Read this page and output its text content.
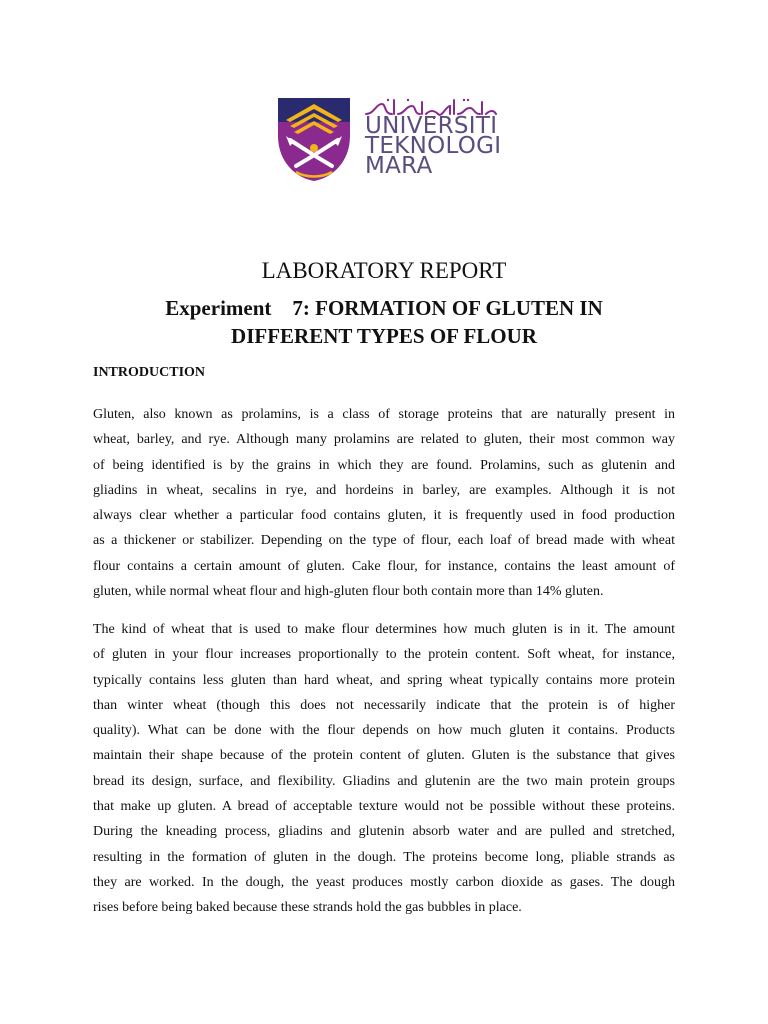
UNIVERSITI
TEKNOLOGI
MARA
LABORATORY REPORT
Experiment    7: FORMATION OF GLUTEN IN
DIFFERENT TYPES OF FLOUR
INTRODUCTION
Gluten, also known as prolamins, is a class of storage proteins that are naturally present in
wheat, barley, and rye. Although many prolamins are related to gluten, their most common way
of being identified is by the grains in which they are found. Prolamins, such as glutenin and
gliadins in wheat, secalins in rye, and hordeins in barley, are examples. Although it is not
always clear whether a particular food contains gluten, it is frequently used in food production
as a thickener or stabilizer. Depending on the type of flour, each loaf of bread made with wheat
flour contains a certain amount of gluten. Cake flour, for instance, contains the least amount of
gluten, while normal wheat flour and high-gluten flour both contain more than 14% gluten.
The kind of wheat that is used to make flour determines how much gluten is in it. The amount
of gluten in your flour increases proportionally to the protein content. Soft wheat, for instance,
typically contains less gluten than hard wheat, and spring wheat typically contains more protein
than winter wheat (though this does not necessarily indicate that the protein is of higher
quality). What can be done with the flour depends on how much gluten it contains. Products
maintain their shape because of the protein content of gluten. Gluten is the substance that gives
bread its design, surface, and flexibility. Gliadins and glutenin are the two main protein groups
that make up gluten. A bread of acceptable texture would not be possible without these proteins.
During the kneading process, gliadins and glutenin absorb water and are pulled and stretched,
resulting in the formation of gluten in the dough. The proteins become long, pliable strands as
they are worked. In the dough, the yeast produces mostly carbon dioxide as gases. The dough
rises before being baked because these strands hold the gas bubbles in place.
